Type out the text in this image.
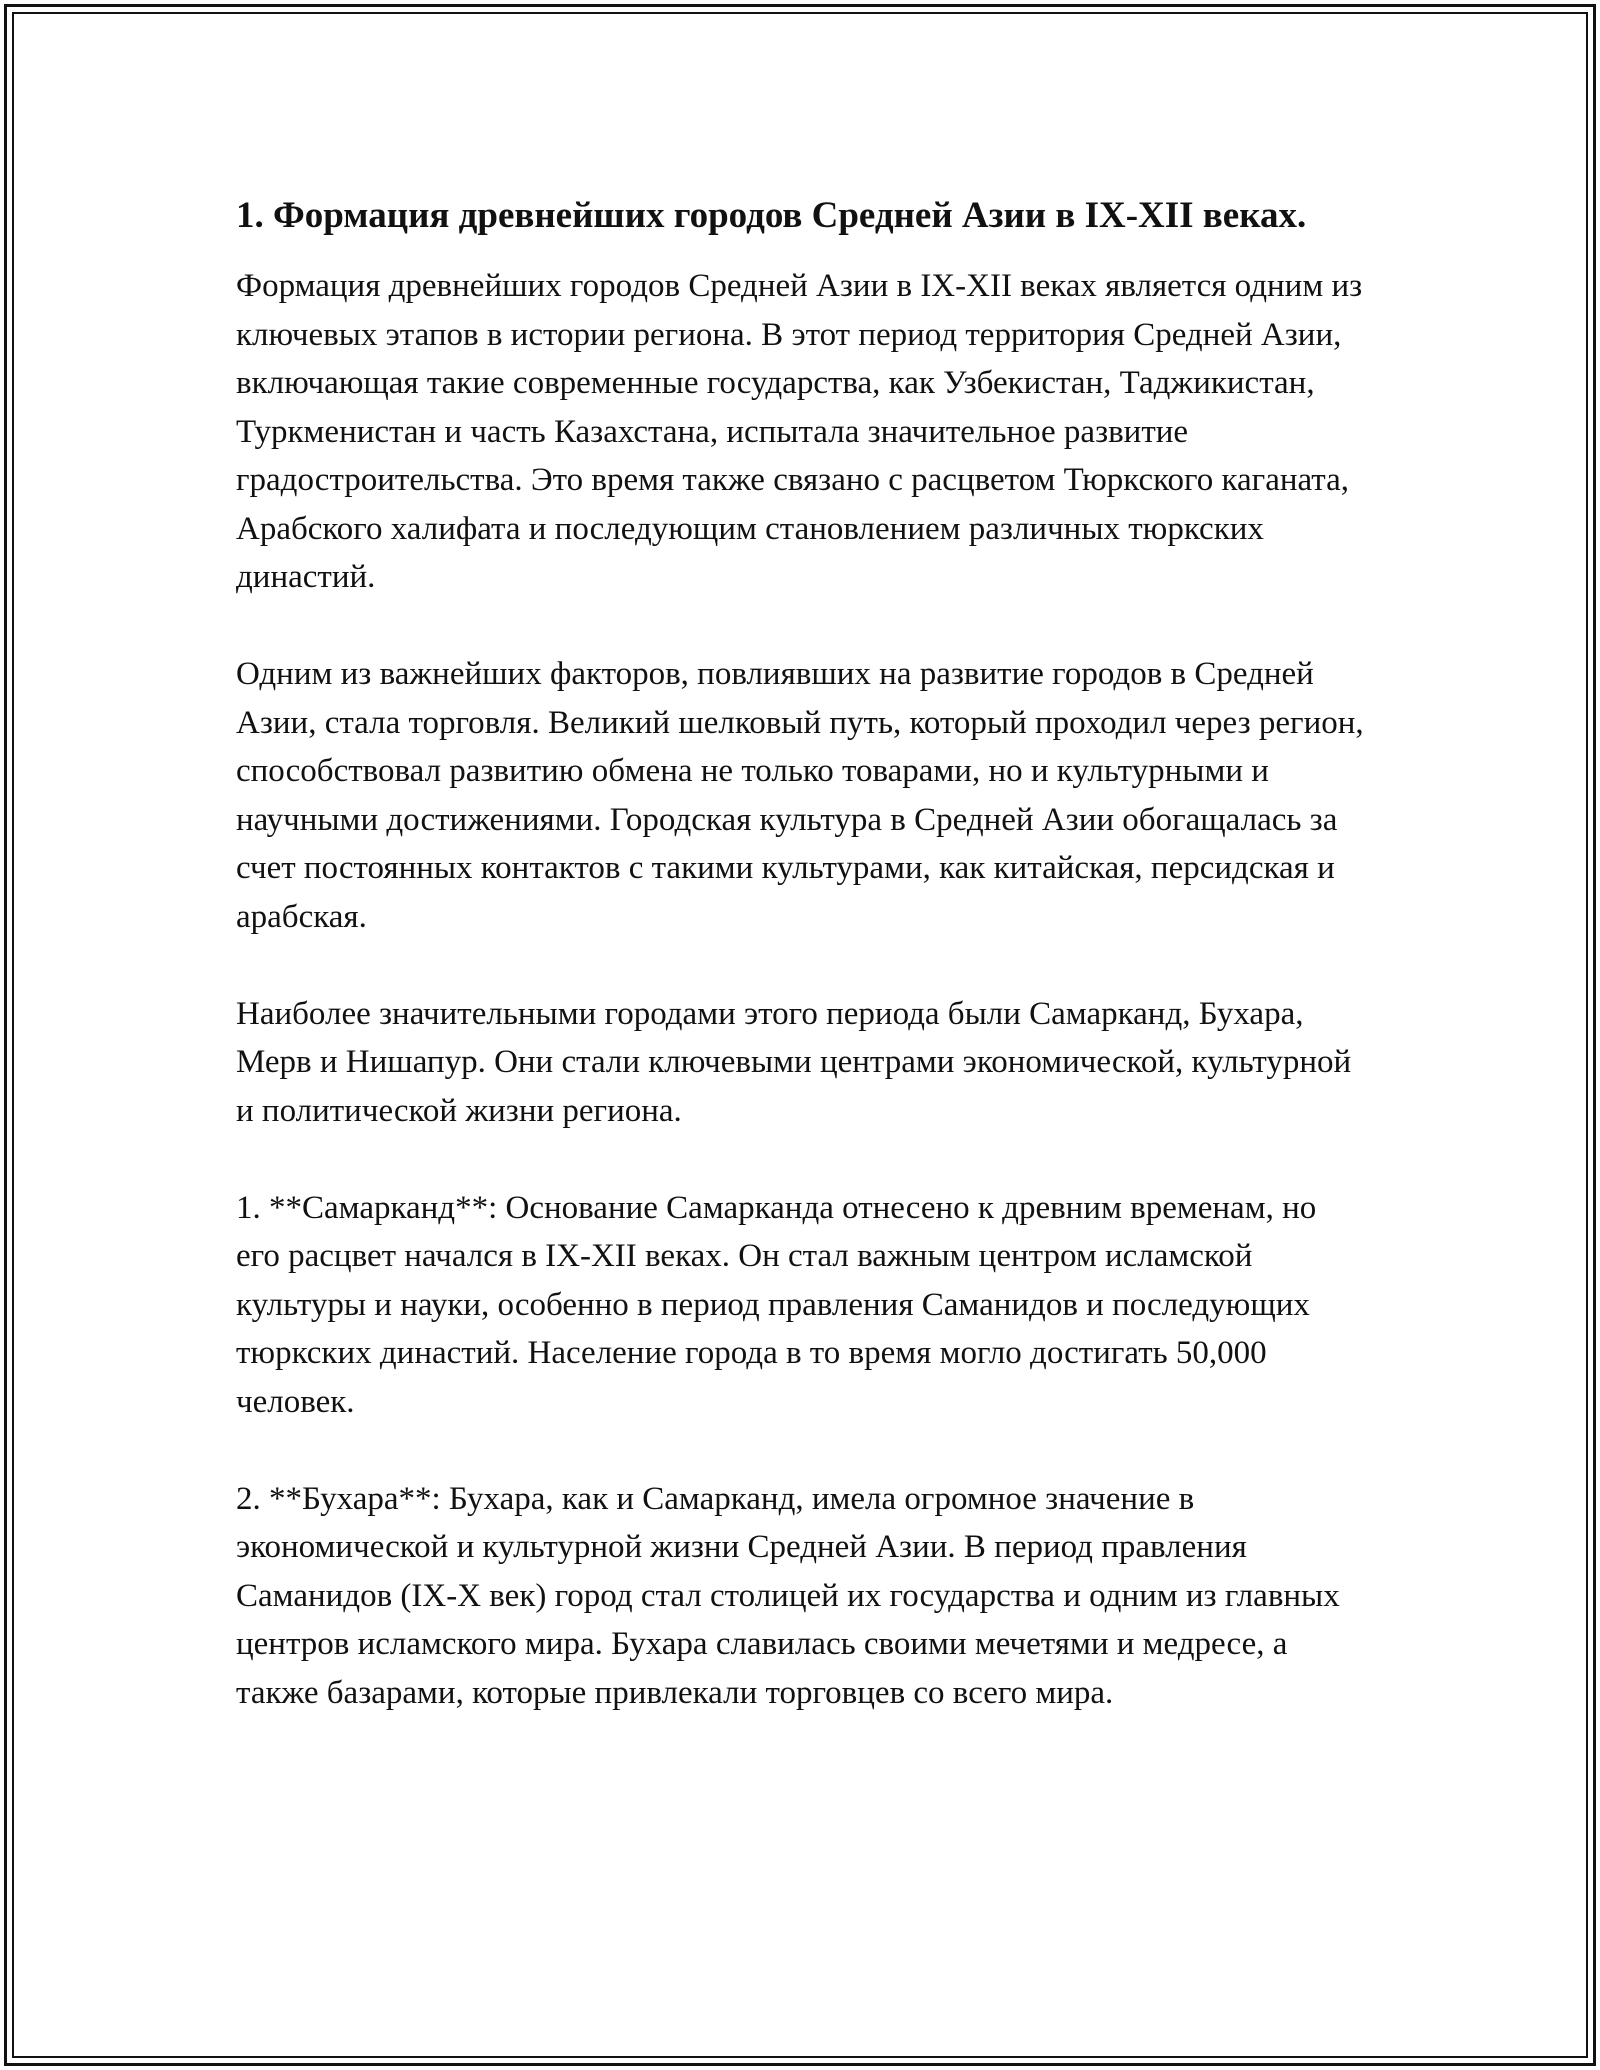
1. Формация древнейших городов Средней Азии в IX-XII веках.

Формация древнейших городов Средней Азии в IX-XII веках является одним из ключевых этапов в истории региона. В этот период территория Средней Азии, включающая такие современные государства, как Узбекистан, Таджикистан, Туркменистан и часть Казахстана, испытала значительное развитие градостроительства. Это время также связано с расцветом Тюркского каганата, Арабского халифата и последующим становлением различных тюркских династий.

Одним из важнейших факторов, повлиявших на развитие городов в Средней Азии, стала торговля. Великий шелковый путь, который проходил через регион, способствовал развитию обмена не только товарами, но и культурными и научными достижениями. Городская культура в Средней Азии обогащалась за счет постоянных контактов с такими культурами, как китайская, персидская и арабская.

Наиболее значительными городами этого периода были Самарканд, Бухара, Мерв и Нишапур. Они стали ключевыми центрами экономической, культурной и политической жизни региона.

1. **Самарканд**: Основание Самарканда отнесено к древним временам, но его расцвет начался в IX-XII веках. Он стал важным центром исламской культуры и науки, особенно в период правления Саманидов и последующих тюркских династий. Население города в то время могло достигать 50,000 человек.

2. **Бухара**: Бухара, как и Самарканд, имела огромное значение в экономической и культурной жизни Средней Азии. В период правления Саманидов (IX-X век) город стал столицей их государства и одним из главных центров исламского мира. Бухара славилась своими мечетями и медресе, а также базарами, которые привлекали торговцев со всего мира.
